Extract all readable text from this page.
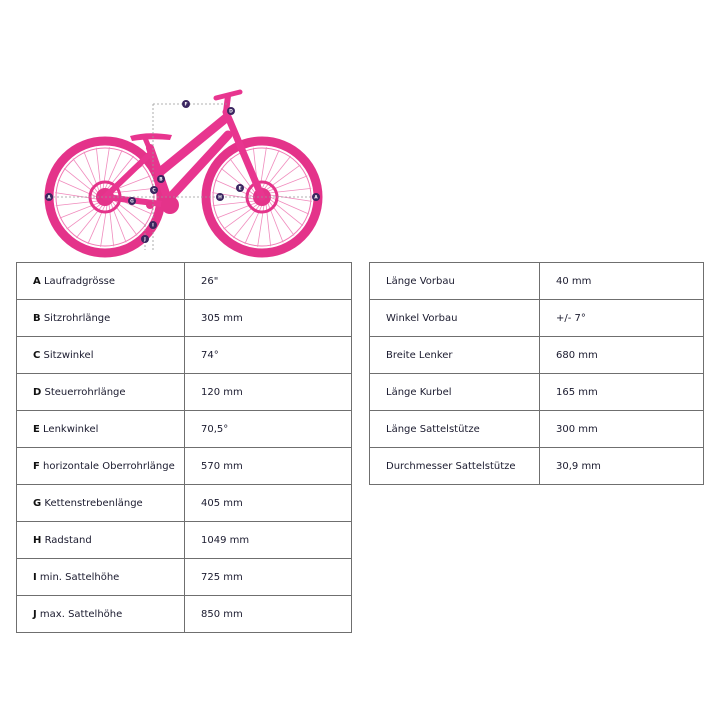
A	A
B
C
D
E
F
G
H
I
J
A Laufradgrösse	26"
B Sitzrohrlänge	305 mm
C Sitzwinkel	74°
D Steuerrohrlänge	120 mm
E Lenkwinkel	70,5°
F horizontale Oberrohrlänge	570 mm
G Kettenstrebenlänge	405 mm
H Radstand	1049 mm
I min. Sattelhöhe	725 mm
J max. Sattelhöhe	850 mm
Länge Vorbau	40 mm
Winkel Vorbau	+/- 7°
Breite Lenker	680 mm
Länge Kurbel	165 mm
Länge Sattelstütze	300 mm
Durchmesser Sattelstütze	30,9 mm
